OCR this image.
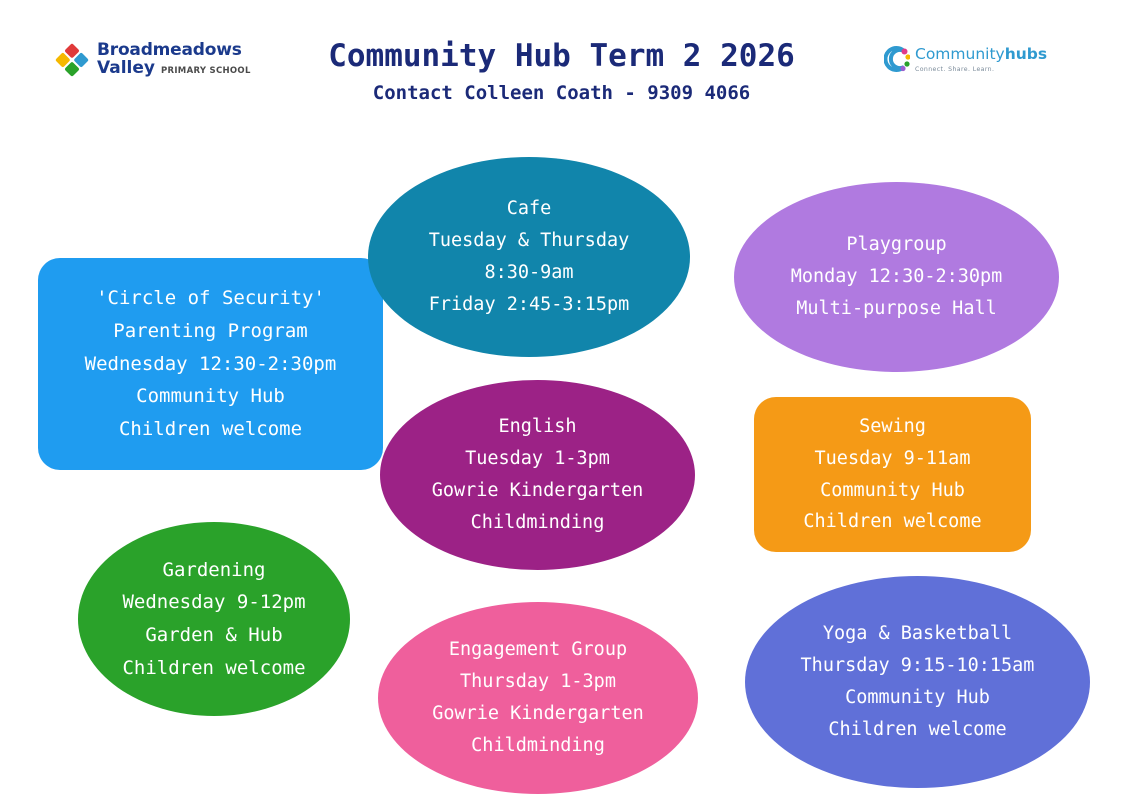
Broadmeadows
Valley PRIMARY SCHOOL	Community Hub Term 2 2026
Contact Colleen Coath - 9309 4066
Communityhubs
Connect. Share. Learn.
'Circle of Security'
Parenting Program
Wednesday 12:30-2:30pm
Community Hub
Children welcome
Cafe
Tuesday & Thursday
8:30-9am
Friday 2:45-3:15pm
Playgroup
Monday 12:30-2:30pm
Multi-purpose Hall
English
Tuesday 1-3pm
Gowrie Kindergarten
Childminding
Sewing
Tuesday 9-11am
Community Hub
Children welcome
Gardening
Wednesday 9-12pm
Garden & Hub
Children welcome
Engagement Group
Thursday 1-3pm
Gowrie Kindergarten
Childminding
Yoga & Basketball
Thursday 9:15-10:15am
Community Hub
Children welcome
